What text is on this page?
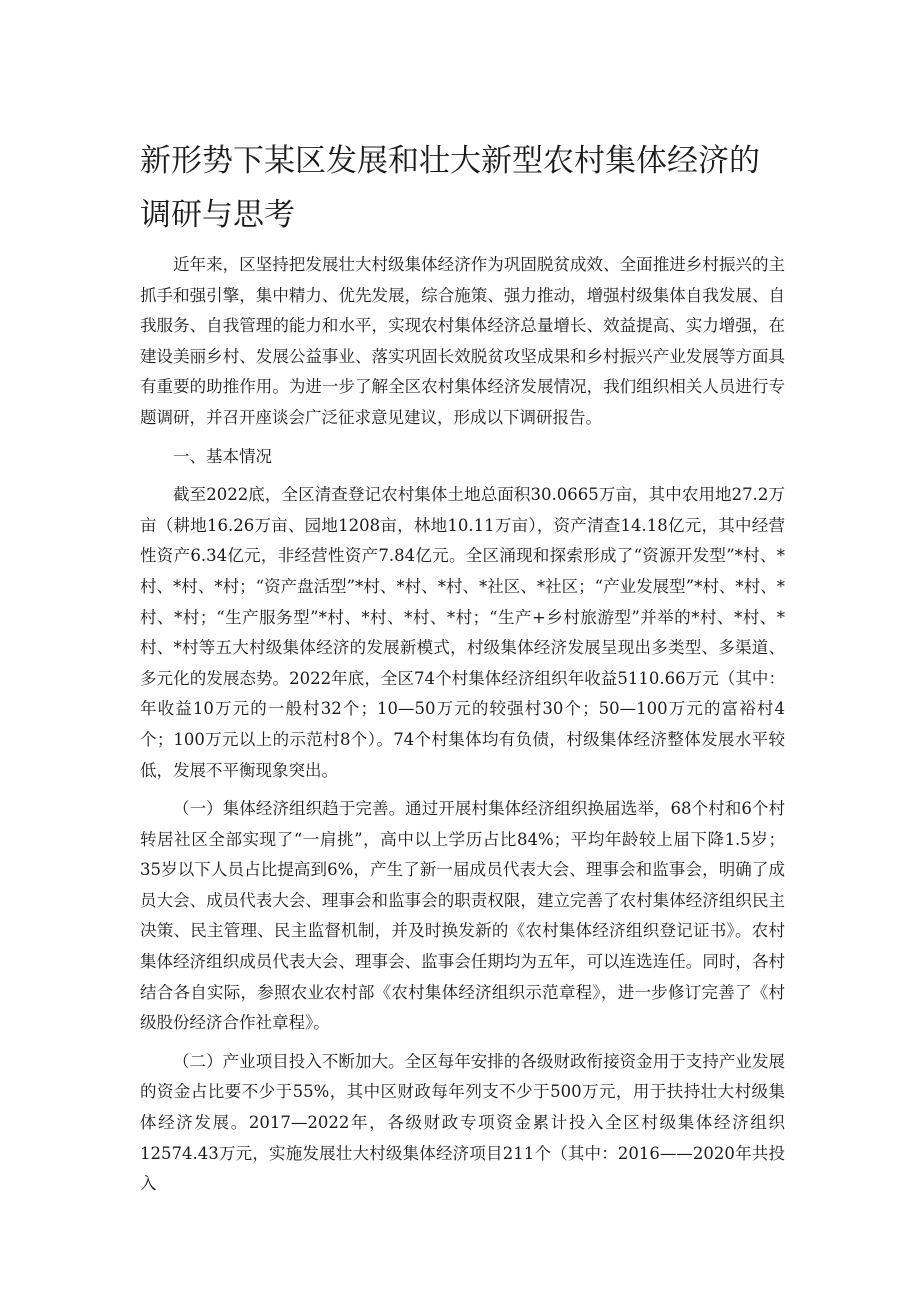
新形势下某区发展和壮大新型农村集体经济的调研与思考

近年来，区坚持把发展壮大村级集体经济作为巩固脱贫成效、全面推进乡村振兴的主抓手和强引擎，集中精力、优先发展，综合施策、强力推动，增强村级集体自我发展、自我服务、自我管理的能力和水平，实现农村集体经济总量增长、效益提高、实力增强，在建设美丽乡村、发展公益事业、落实巩固长效脱贫攻坚成果和乡村振兴产业发展等方面具有重要的助推作用。为进一步了解全区农村集体经济发展情况，我们组织相关人员进行专题调研，并召开座谈会广泛征求意见建议，形成以下调研报告。

一、基本情况

截至2022底，全区清查登记农村集体土地总面积30.0665万亩，其中农用地27.2万亩（耕地16.26万亩、园地1208亩，林地10.11万亩），资产清查14.18亿元，其中经营性资产6.34亿元，非经营性资产7.84亿元。全区涌现和探索形成了“资源开发型”*村、*村、*村、*村；“资产盘活型”*村、*村、*村、*社区、*社区；“产业发展型”*村、*村、*村、*村；“生产服务型”*村、*村、*村、*村；“生产+乡村旅游型”并举的*村、*村、*村、*村等五大村级集体经济的发展新模式，村级集体经济发展呈现出多类型、多渠道、多元化的发展态势。2022年底，全区74个村集体经济组织年收益5110.66万元（其中：年收益10万元的一般村32个；10—50万元的较强村30个；50—100万元的富裕村4个；100万元以上的示范村8个）。74个村集体均有负债，村级集体经济整体发展水平较低，发展不平衡现象突出。

（一）集体经济组织趋于完善。通过开展村集体经济组织换届选举，68个村和6个村转居社区全部实现了“一肩挑”，高中以上学历占比84%；平均年龄较上届下降1.5岁；35岁以下人员占比提高到6%，产生了新一届成员代表大会、理事会和监事会，明确了成员大会、成员代表大会、理事会和监事会的职责权限，建立完善了农村集体经济组织民主决策、民主管理、民主监督机制，并及时换发新的《农村集体经济组织登记证书》。农村集体经济组织成员代表大会、理事会、监事会任期均为五年，可以连选连任。同时，各村结合各自实际，参照农业农村部《农村集体经济组织示范章程》，进一步修订完善了《村级股份经济合作社章程》。

（二）产业项目投入不断加大。全区每年安排的各级财政衔接资金用于支持产业发展的资金占比要不少于55%，其中区财政每年列支不少于500万元，用于扶持壮大村级集体经济发展。2017—2022年，各级财政专项资金累计投入全区村级集体经济组织12574.43万元，实施发展壮大村级集体经济项目211个（其中：2016——2020年共投入
